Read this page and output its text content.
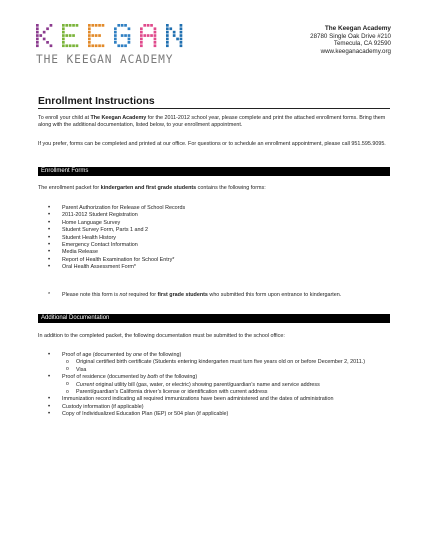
THE KEEGAN ACADEMY
The Keegan Academy
28780 Single Oak Drive #210
Temecula, CA 92590
www.keeganacademy.org
Enrollment Instructions
To enroll your child at The Keegan Academy for the 2011-2012 school year, please complete and print the attached enrollment forms. Bring them along with the additional documentation, listed below, to your enrollment appointment.
If you prefer, forms can be completed and printed at our office. For questions or to schedule an enrollment appointment, please call 951.595.9095.
Enrollment Forms
The enrollment packet for kindergarten and first grade students contains the following forms:
• Parent Authorization for Release of School Records
• 2011-2012 Student Registration
• Home Language Survey
• Student Survey Form, Parts 1 and 2
• Student Health History
• Emergency Contact Information
• Media Release
• Report of Health Examination for School Entry*
• Oral Health Assessment Form*
* Please note this form is not required for first grade students who submitted this form upon entrance to kindergarten.
Additional Documentation
In addition to the completed packet, the following documentation must be submitted to the school office:
• Proof of age (documented by one of the following)
o Original certified birth certificate (Students entering kindergarten must turn five years old on or before December 2, 2011.)
o Visa
• Proof of residence (documented by both of the following)
o Current original utility bill (gas, water, or electric) showing parent/guardian’s name and service address
o Parent/guardian’s California driver’s license or identification with current address
• Immunization record indicating all required immunizations have been administered and the dates of administration
• Custody information (if applicable)
• Copy of Individualized Education Plan (IEP) or 504 plan (if applicable)
